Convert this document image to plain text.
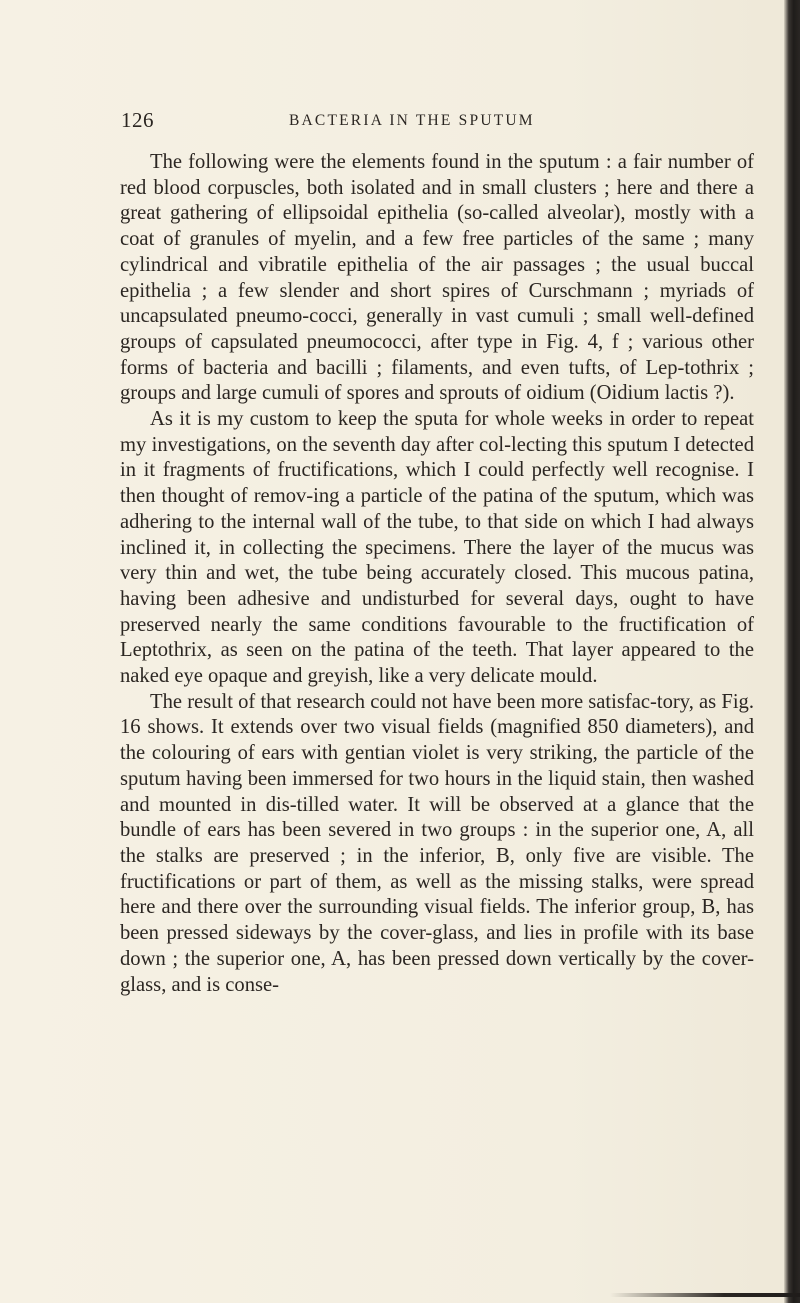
126	BACTERIA IN THE SPUTUM

The following were the elements found in the sputum : a fair number of red blood corpuscles, both isolated and in small clusters ; here and there a great gathering of ellipsoidal epithelia (so-called alveolar), mostly with a coat of granules of myelin, and a few free particles of the same ; many cylindrical and vibratile epithelia of the air passages ; the usual buccal epithelia ; a few slender and short spires of Curschmann ; myriads of uncapsulated pneumo-cocci, generally in vast cumuli ; small well-defined groups of capsulated pneumococci, after type in Fig. 4, f ; various other forms of bacteria and bacilli ; filaments, and even tufts, of Lep-tothrix ; groups and large cumuli of spores and sprouts of oidium (Oidium lactis ?).

As it is my custom to keep the sputa for whole weeks in order to repeat my investigations, on the seventh day after col-lecting this sputum I detected in it fragments of fructifications, which I could perfectly well recognise. I then thought of remov-ing a particle of the patina of the sputum, which was adhering to the internal wall of the tube, to that side on which I had always inclined it, in collecting the specimens. There the layer of the mucus was very thin and wet, the tube being accurately closed. This mucous patina, having been adhesive and undisturbed for several days, ought to have preserved nearly the same conditions favourable to the fructification of Leptothrix, as seen on the patina of the teeth. That layer appeared to the naked eye opaque and greyish, like a very delicate mould.

The result of that research could not have been more satisfac-tory, as Fig. 16 shows. It extends over two visual fields (magnified 850 diameters), and the colouring of ears with gentian violet is very striking, the particle of the sputum having been immersed for two hours in the liquid stain, then washed and mounted in dis-tilled water. It will be observed at a glance that the bundle of ears has been severed in two groups : in the superior one, A, all the stalks are preserved ; in the inferior, B, only five are visible. The fructifications or part of them, as well as the missing stalks, were spread here and there over the surrounding visual fields. The inferior group, B, has been pressed sideways by the cover-glass, and lies in profile with its base down ; the superior one, A, has been pressed down vertically by the cover-glass, and is conse-
